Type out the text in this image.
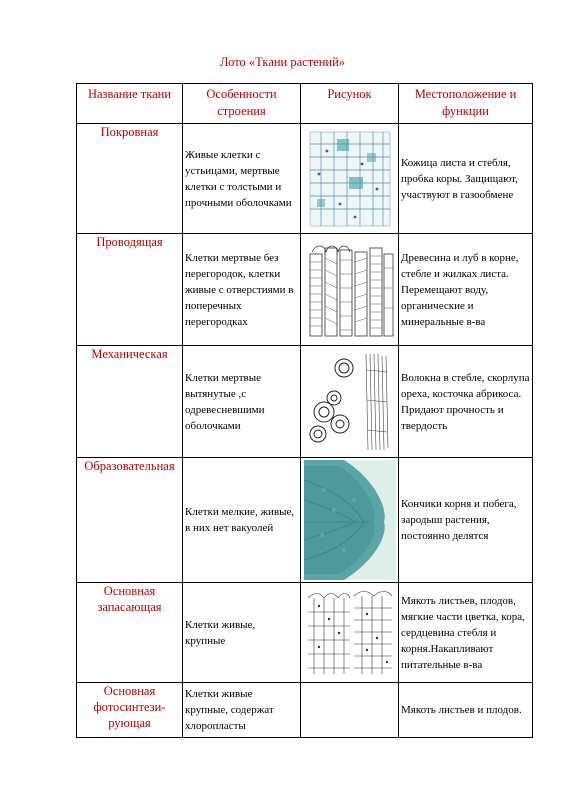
Лото «Ткани растений»
Название ткани	Особенности строения	Рисунок	Местоположение и функции
Покровная	Живые клетки с устьицами, мертвые клетки с толстыми и прочными оболочками		Кожица листа и стебля, пробка коры. Защищают, участвуют в газообмене
Проводящая	Клетки мертвые без перегородок, клетки живые с отверстиями в поперечных перегородках		Древесина и луб в корне, стебле и жилках листа. Перемещают воду, органические и минеральные в-ва
Механическая	Клетки мертвые вытянутые ,с одревесневшими оболочками		Волокна в стебле, скорлупа ореха, косточка абрикоса. Придают прочность и твердость
Образовательная	Клетки мелкие, живые, в них нет вакуолей		Кончики корня и побега, зародыш растения, постоянно делятся
Основная запасающая	Клетки живые, крупные		Мякоть листьев, плодов, мягкие части цветка, кора, сердцевина стебля и корня.Накапливают питательные в-ва
Основная фотосинтези-рующая	Клетки живые крупные, содержат хлоропласты		Мякоть листьев и плодов.
